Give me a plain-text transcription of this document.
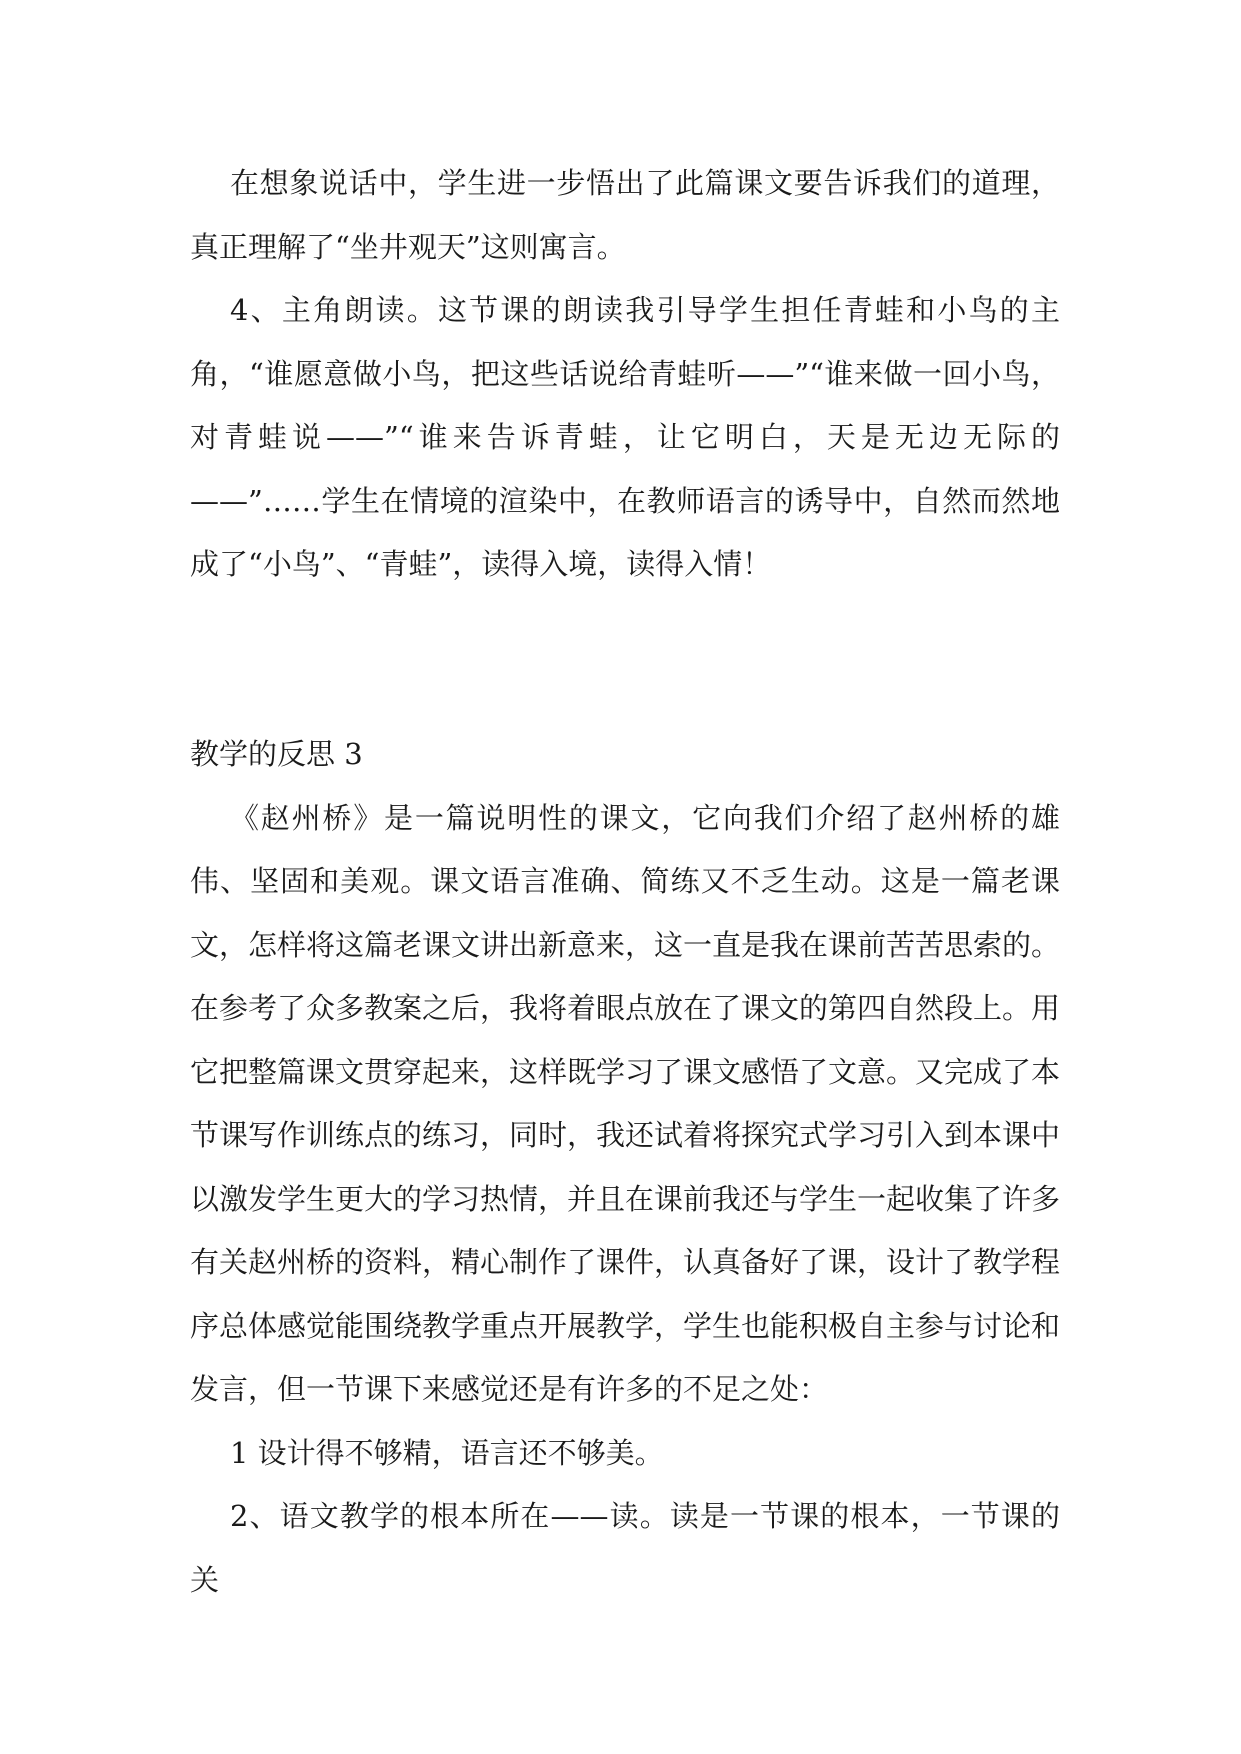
在想象说话中，学生进一步悟出了此篇课文要告诉我们的道理，真正理解了“坐井观天”这则寓言。

4、主角朗读。这节课的朗读我引导学生担任青蛙和小鸟的主角，“谁愿意做小鸟，把这些话说给青蛙听——”“谁来做一回小鸟，对青蛙说——”“谁来告诉青蛙，让它明白，天是无边无际的——”……学生在情境的渲染中，在教师语言的诱导中，自然而然地成了“小鸟”、“青蛙”，读得入境，读得入情！

教学的反思 3

《赵州桥》是一篇说明性的课文，它向我们介绍了赵州桥的雄伟、坚固和美观。课文语言准确、简练又不乏生动。这是一篇老课文，怎样将这篇老课文讲出新意来，这一直是我在课前苦苦思索的。在参考了众多教案之后，我将着眼点放在了课文的第四自然段上。用它把整篇课文贯穿起来，这样既学习了课文感悟了文意。又完成了本节课写作训练点的练习，同时，我还试着将探究式学习引入到本课中以激发学生更大的学习热情，并且在课前我还与学生一起收集了许多有关赵州桥的资料，精心制作了课件，认真备好了课，设计了教学程序总体感觉能围绕教学重点开展教学，学生也能积极自主参与讨论和发言，但一节课下来感觉还是有许多的不足之处：

1 设计得不够精，语言还不够美。

2、语文教学的根本所在——读。读是一节课的根本，一节课的关
